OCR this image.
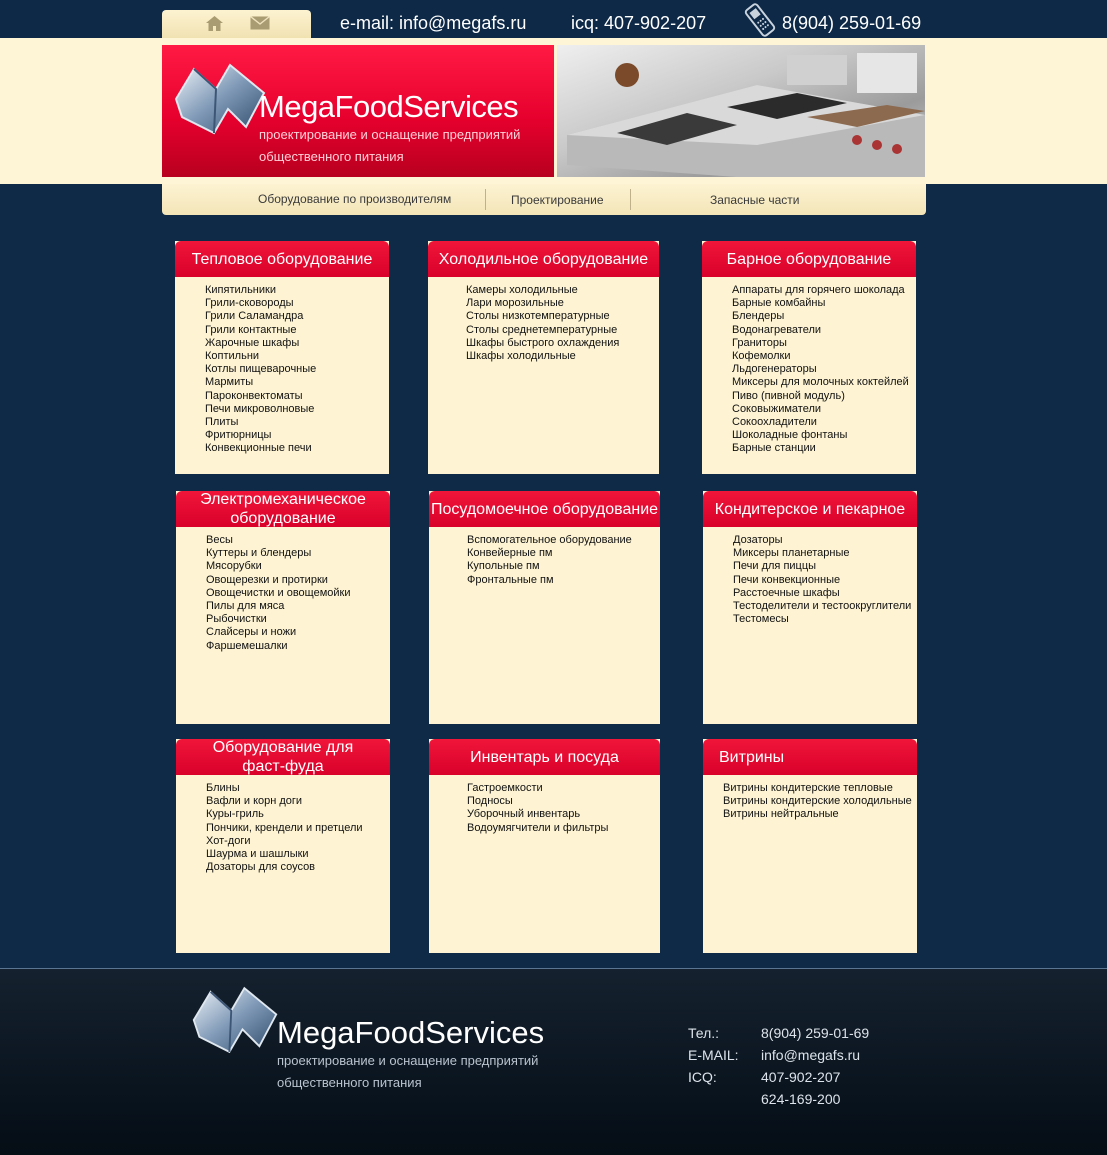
e-mail: info@megafs.ru icq: 407-902-207	8(904) 259-01-69
MegaFoodServices
проектирование и оснащение предприятий
общественного питания
Оборудование по производителям	Проектирование	Запасные части
Тепловое оборудование
Кипятильники
Грили-сковороды
Грили Саламандра
Грили контактные
Жарочные шкафы
Коптильни
Котлы пищеварочные
Мармиты
Пароконвектоматы
Печи микроволновые
Плиты
Фритюрницы
Конвекционные печи
Холодильное оборудование
Камеры холодильные
Лари морозильные
Столы низкотемпературные
Столы среднетемпературные
Шкафы быстрого охлаждения
Шкафы холодильные
Барное оборудование
Аппараты для горячего шоколада
Барные комбайны
Блендеры
Водонагреватели
Граниторы
Кофемолки
Льдогенераторы
Миксеры для молочных коктейлей
Пиво (пивной модуль)
Соковыжиматели
Сокоохладители
Шоколадные фонтаны
Барные станции
Электромеханическое
оборудование
Весы
Куттеры и блендеры
Мясорубки
Овощерезки и протирки
Овощечистки и овощемойки
Пилы для мяса
Рыбочистки
Слайсеры и ножи
Фаршемешалки
Посудомоечное оборудование
Вспомогательное оборудование
Конвейерные пм
Купольные пм
Фронтальные пм
Кондитерское и пекарное
Дозаторы
Миксеры планетарные
Печи для пиццы
Печи конвекционные
Расстоечные шкафы
Тестоделители и тестоокруглители
Тестомесы
Оборудование для
фаст-фуда
Блины
Вафли и корн доги
Куры-гриль
Пончики, крендели и претцели
Хот-доги
Шаурма и шашлыки
Дозаторы для соусов
Инвентарь и посуда
Гастроемкости
Подносы
Уборочный инвентарь
Водоумягчители и фильтры
Витрины
Витрины кондитерские тепловые
Витрины кондитерские холодильные
Витрины нейтральные
MegaFoodServices
проектирование и оснащение предприятий
общественного питания
Тел.:	8(904) 259-01-69
E-MAIL: info@megafs.ru
ICQ:	407-902-207
624-169-200
